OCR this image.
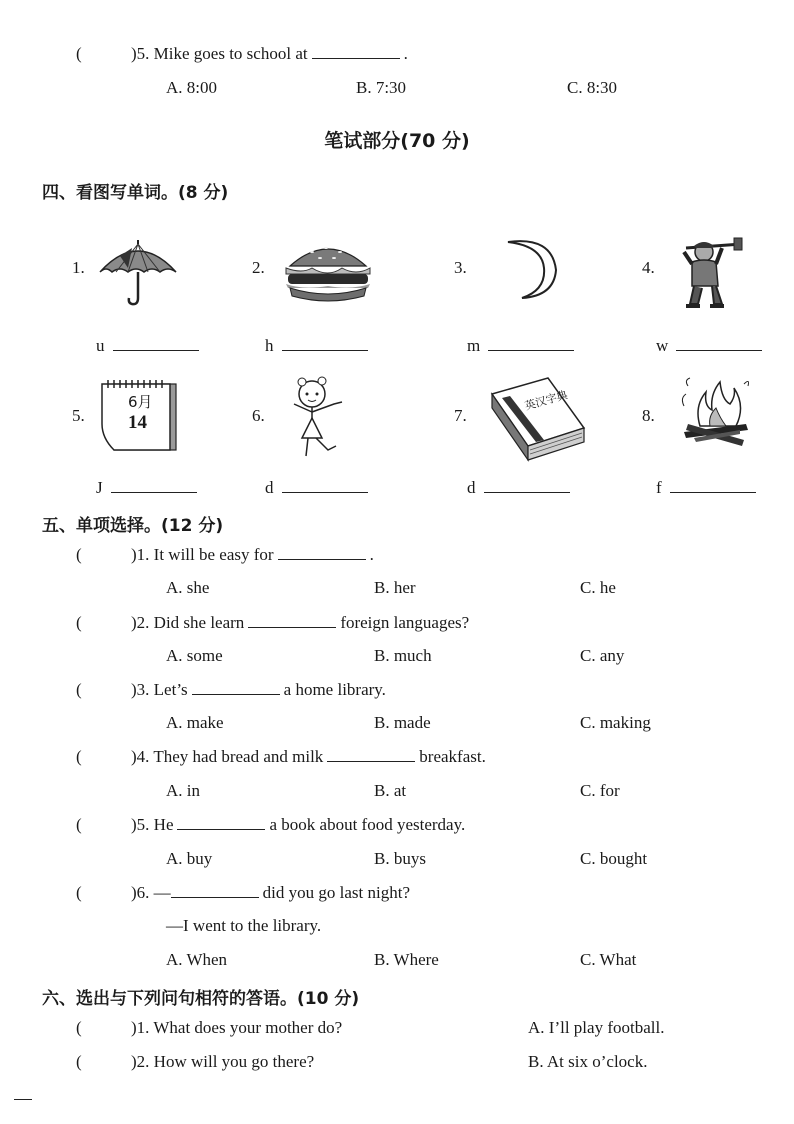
(	)5. Mike goes to school at	.
A. 8:00	B. 7:30	C. 8:30
笔试部分(70 分)
四、看图写单词。(8 分)
1.	2.	3.	4.
u	h	m	w
5.	6.	7.	8.
6月
14
英汉字典
J	d	d	f
五、单项选择。(12 分)
(	)1. It will be easy for	.
A. she	B. her	C. he
(	)2. Did she learn	foreign languages?
A. some	B. much	C. any
(	)3. Let’s	a home library.
A. make	B. made	C. making
(	)4. They had bread and milk	breakfast.
A. in	B. at	C. for
(	)5. He	a book about food yesterday.
A. buy	B. buys	C. bought
(	)6. —	did you go last night?
—I went to the library.
A. When	B. Where	C. What
六、选出与下列问句相符的答语。(10 分)
(	)1. What does your mother do?	A. I’ll play football.
(	)2. How will you go there?	B. At six o’clock.
